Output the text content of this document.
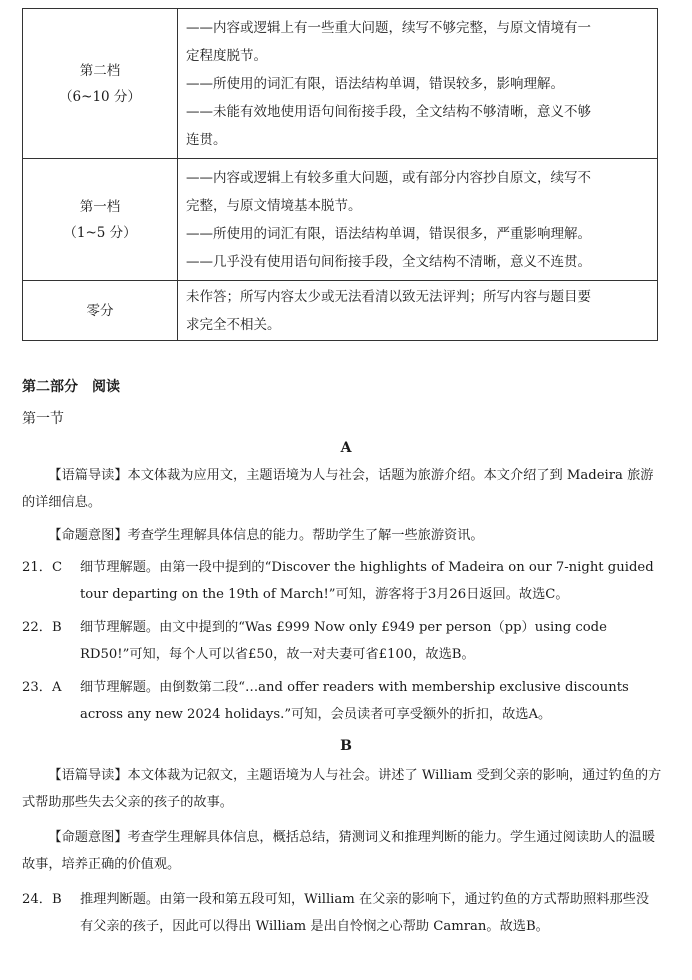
第二档
（6~10 分）	——内容或逻辑上有一些重大问题，续写不够完整，与原文情境有一
定程度脱节。
——所使用的词汇有限，语法结构单调，错误较多，影响理解。
——未能有效地使用语句间衔接手段，全文结构不够清晰，意义不够
连贯。

第一档
（1~5 分）	——内容或逻辑上有较多重大问题，或有部分内容抄自原文，续写不
完整，与原文情境基本脱节。
——所使用的词汇有限，语法结构单调，错误很多，严重影响理解。
——几乎没有使用语句间衔接手段，全文结构不清晰，意义不连贯。

零分	未作答；所写内容太少或无法看清以致无法评判；所写内容与题目要
求完全不相关。
第二部分　阅读
第一节
A
【语篇导读】本文体裁为应用文，主题语境为人与社会，话题为旅游介绍。本文介绍了到 Madeira 旅游的详细信息。
【命题意图】考查学生理解具体信息的能力。帮助学生了解一些旅游资讯。
21．C	细节理解题。由第一段中提到的“Discover the highlights of Madeira on our 7-night guided tour departing on the 19th of March!”可知，游客将于3月26日返回。故选C。
22．B	细节理解题。由文中提到的“Was £999 Now only £949 per person（pp）using code RD50!”可知，每个人可以省£50，故一对夫妻可省£100，故选B。
23．A	细节理解题。由倒数第二段“…and offer readers with membership exclusive discounts across any new 2024 holidays.”可知，会员读者可享受额外的折扣，故选A。
B
【语篇导读】本文体裁为记叙文，主题语境为人与社会。讲述了 William 受到父亲的影响，通过钓鱼的方式帮助那些失去父亲的孩子的故事。
【命题意图】考查学生理解具体信息，概括总结，猜测词义和推理判断的能力。学生通过阅读助人的温暖故事，培养正确的价值观。
24．B	推理判断题。由第一段和第五段可知，William 在父亲的影响下，通过钓鱼的方式帮助照料那些没有父亲的孩子，因此可以得出 William 是出自怜悯之心帮助 Camran。故选B。
